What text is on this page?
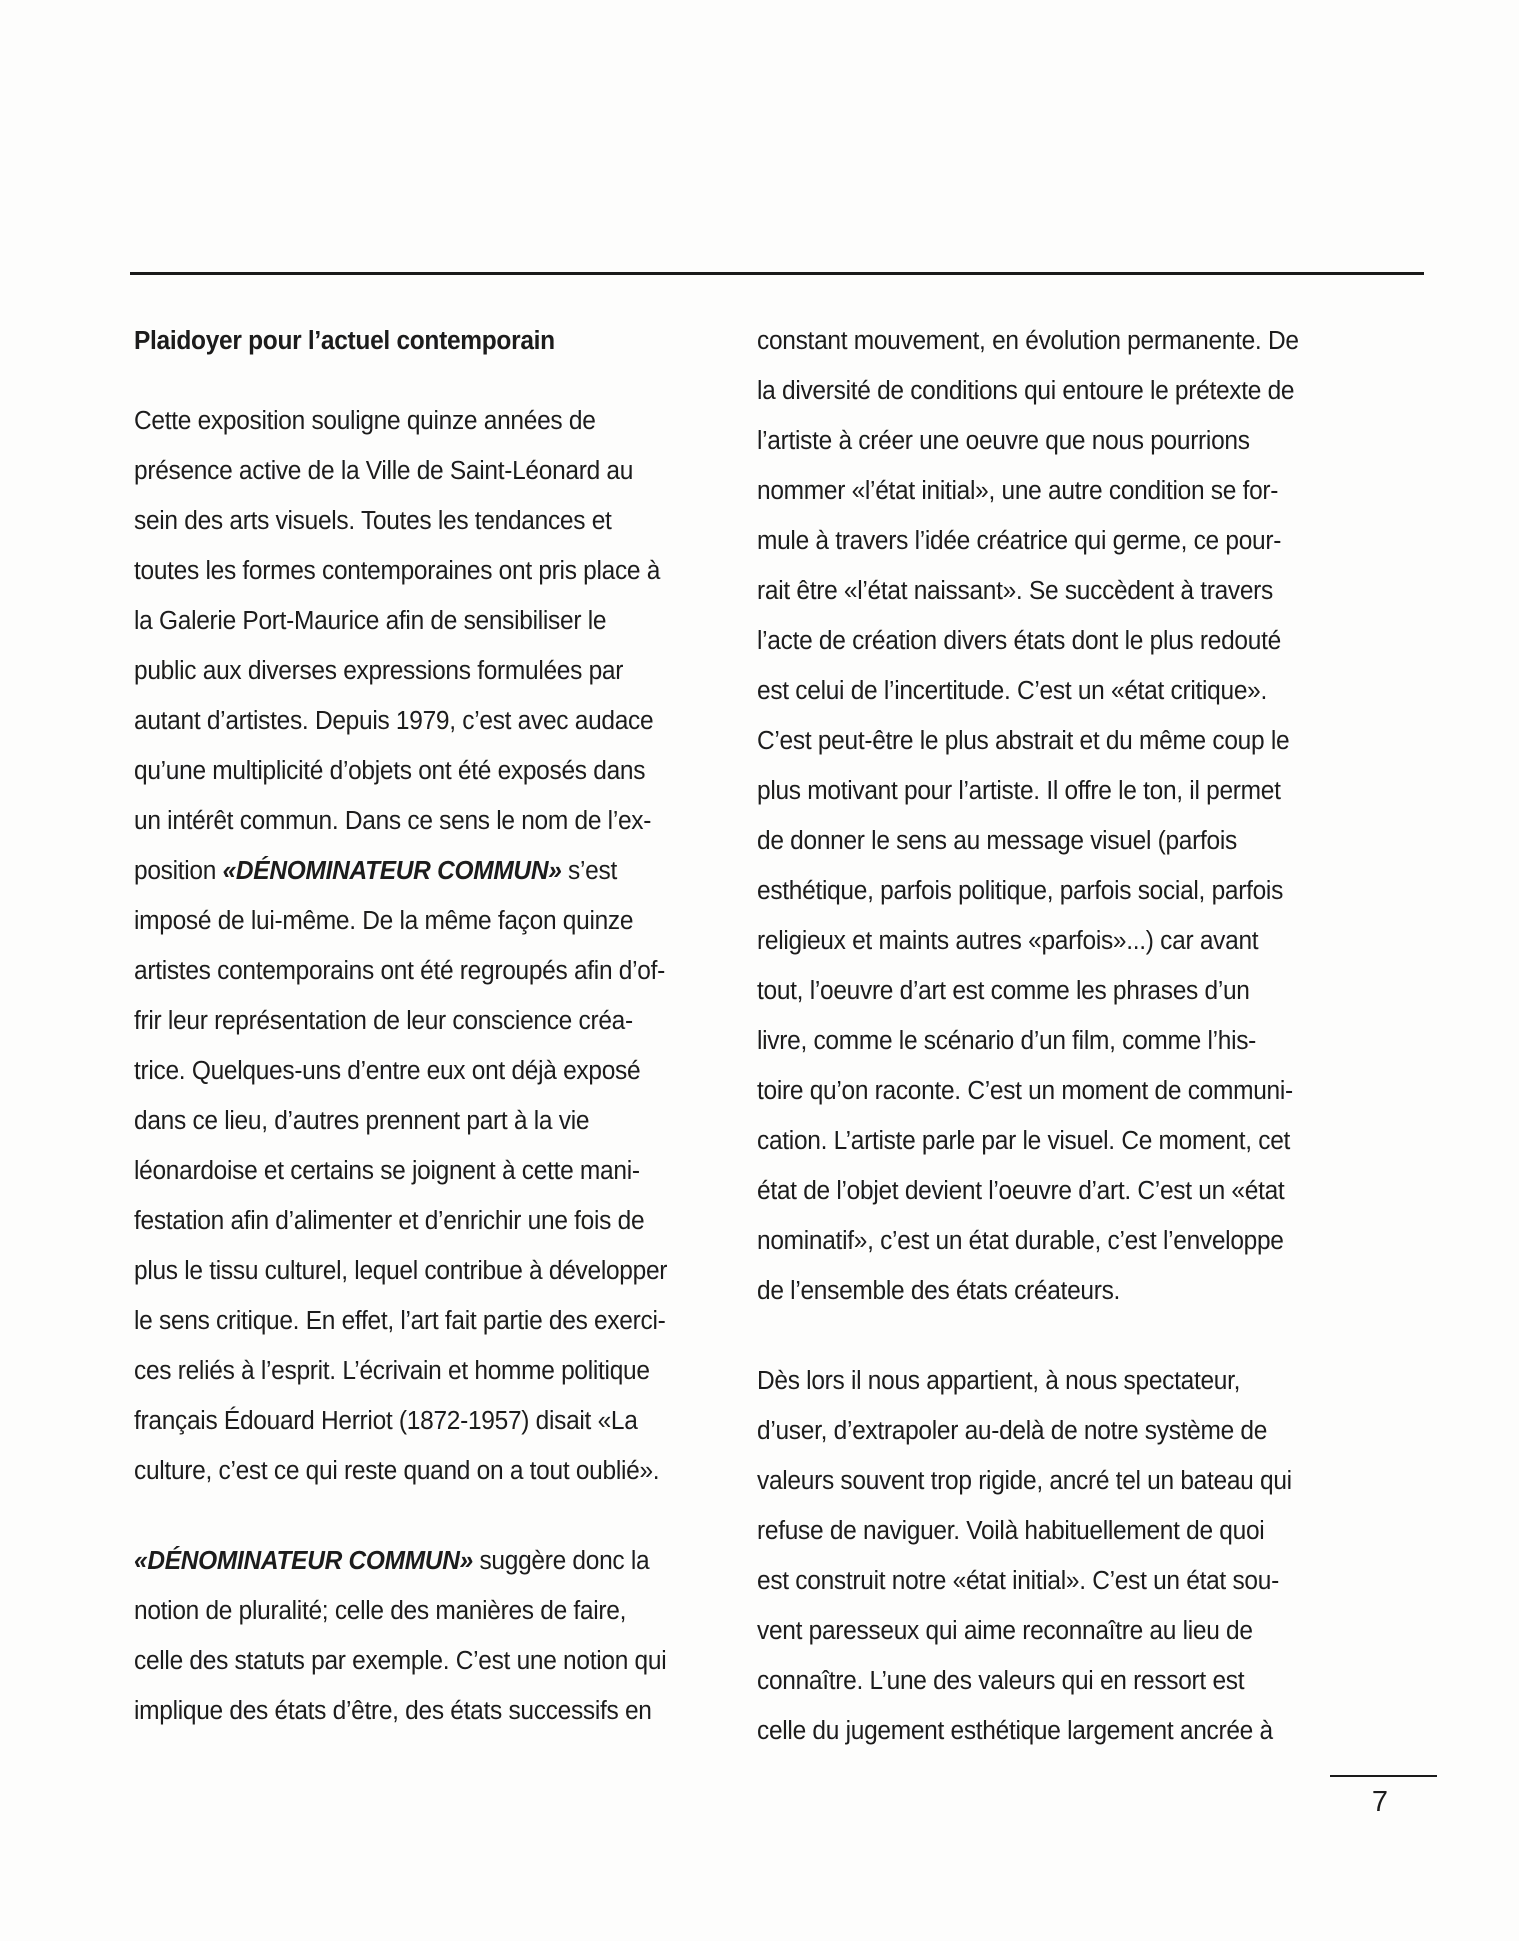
Plaidoyer pour l’actuel contemporain
Cette exposition souligne quinze années de
présence active de la Ville de Saint-Léonard au
sein des arts visuels. Toutes les tendances et
toutes les formes contemporaines ont pris place à
la Galerie Port-Maurice afin de sensibiliser le
public aux diverses expressions formulées par
autant d’artistes. Depuis 1979, c’est avec audace
qu’une multiplicité d’objets ont été exposés dans
un intérêt commun. Dans ce sens le nom de l’ex-
position «DÉNOMINATEUR COMMUN» s’est
imposé de lui-même. De la même façon quinze
artistes contemporains ont été regroupés afin d’of-
frir leur représentation de leur conscience créa-
trice. Quelques-uns d’entre eux ont déjà exposé
dans ce lieu, d’autres prennent part à la vie
léonardoise et certains se joignent à cette mani-
festation afin d’alimenter et d’enrichir une fois de
plus le tissu culturel, lequel contribue à développer
le sens critique. En effet, l’art fait partie des exerci-
ces reliés à l’esprit. L’écrivain et homme politique
français Édouard Herriot (1872-1957) disait «La
culture, c’est ce qui reste quand on a tout oublié».
«DÉNOMINATEUR COMMUN» suggère donc la
notion de pluralité; celle des manières de faire,
celle des statuts par exemple. C’est une notion qui
implique des états d’être, des états successifs en
constant mouvement, en évolution permanente. De
la diversité de conditions qui entoure le prétexte de
l’artiste à créer une oeuvre que nous pourrions
nommer «l’état initial», une autre condition se for-
mule à travers l’idée créatrice qui germe, ce pour-
rait être «l’état naissant». Se succèdent à travers
l’acte de création divers états dont le plus redouté
est celui de l’incertitude. C’est un «état critique».
C’est peut-être le plus abstrait et du même coup le
plus motivant pour l’artiste. Il offre le ton, il permet
de donner le sens au message visuel (parfois
esthétique, parfois politique, parfois social, parfois
religieux et maints autres «parfois»...) car avant
tout, l’oeuvre d’art est comme les phrases d’un
livre, comme le scénario d’un film, comme l’his-
toire qu’on raconte. C’est un moment de communi-
cation. L’artiste parle par le visuel. Ce moment, cet
état de l’objet devient l’oeuvre d’art. C’est un «état
nominatif», c’est un état durable, c’est l’enveloppe
de l’ensemble des états créateurs.
Dès lors il nous appartient, à nous spectateur,
d’user, d’extrapoler au-delà de notre système de
valeurs souvent trop rigide, ancré tel un bateau qui
refuse de naviguer. Voilà habituellement de quoi
est construit notre «état initial». C’est un état sou-
vent paresseux qui aime reconnaître au lieu de
connaître. L’une des valeurs qui en ressort est
celle du jugement esthétique largement ancrée à
7
